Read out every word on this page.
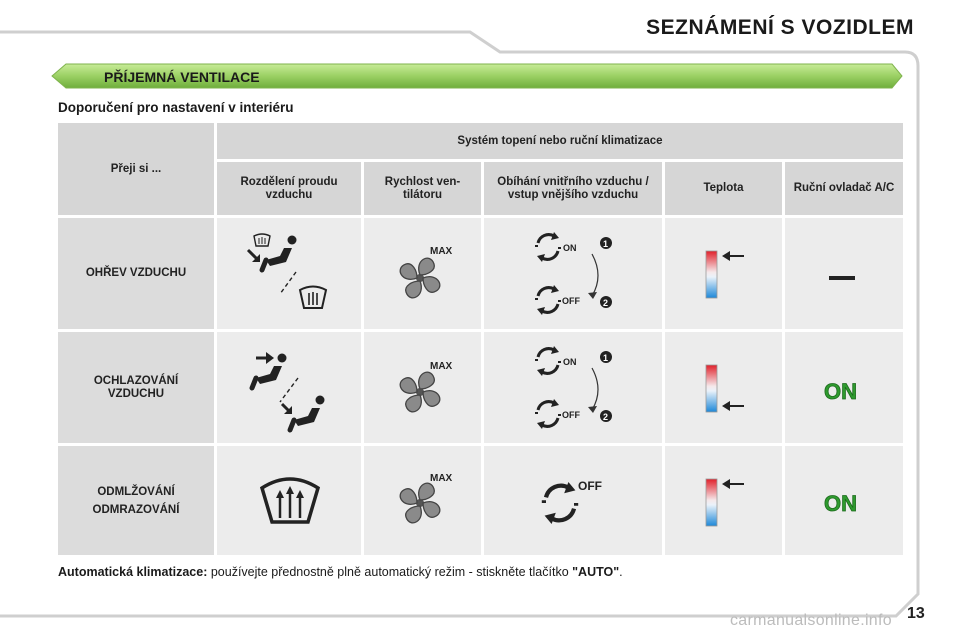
SEZNÁMENÍ S VOZIDLEM
PŘÍJEMNÁ VENTILACE
Doporučení pro nastavení v interiéru
Přeji si ...
Systém topení nebo ruční klimatizace
Rozdělení proudu vzduchu
Rychlost ven-tilátoru
Obíhání vnitřního vzduchu / vstup vnějšího vzduchu
Teplota	Ruční ovladač A/C
OHŘEV VZDUCHU
OCHLAZOVÁNÍ VZDUCHU
ODMLŽOVÁNÍ
ODMRAZOVÁNÍ
MAX
MAX
MAX
ON
OFF
1
2
ON
OFF
1
2
OFF
ON
ON
Automatická klimatizace: používejte přednostně plně automatický režim - stiskněte tlačítko "AUTO".
carmanualsonline.info 13
